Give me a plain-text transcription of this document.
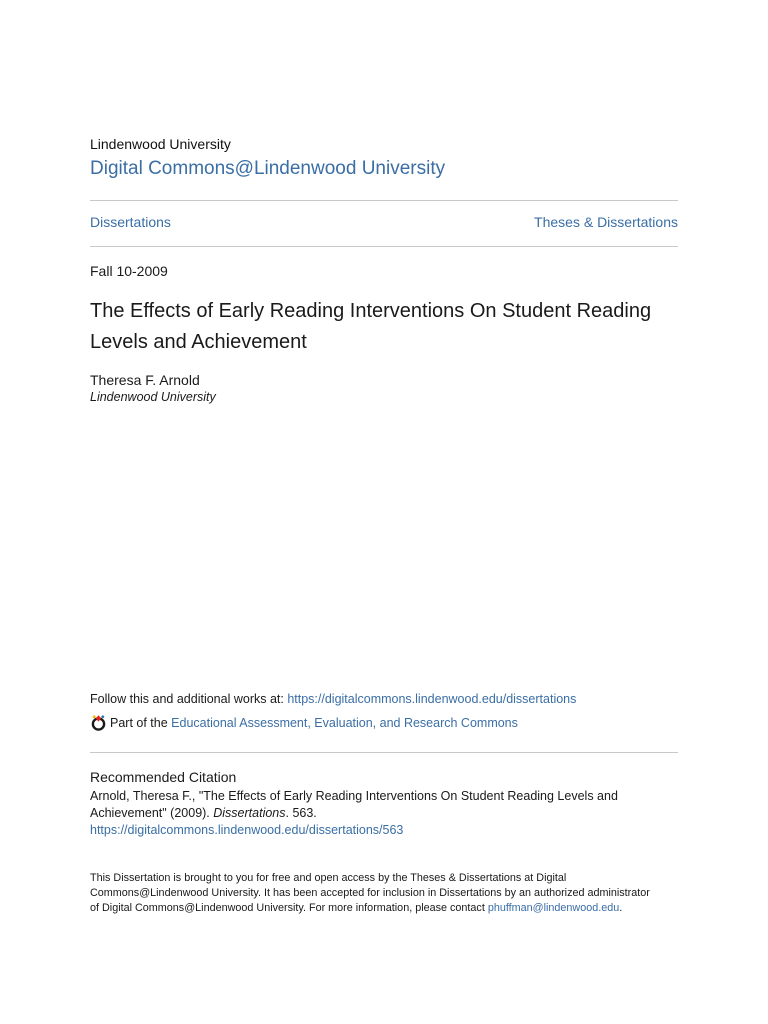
Lindenwood University
Digital Commons@Lindenwood University
Dissertations	Theses & Dissertations
Fall 10-2009
The Effects of Early Reading Interventions On Student Reading Levels and Achievement
Theresa F. Arnold
Lindenwood University
Follow this and additional works at: https://digitalcommons.lindenwood.edu/dissertations
Part of the
Educational Assessment, Evaluation, and Research Commons
Recommended Citation
Arnold, Theresa F., "The Effects of Early Reading Interventions On Student Reading Levels and Achievement" (2009). Dissertations. 563.
https://digitalcommons.lindenwood.edu/dissertations/563
This Dissertation is brought to you for free and open access by the Theses & Dissertations at Digital Commons@Lindenwood University. It has been accepted for inclusion in Dissertations by an authorized administrator of Digital Commons@Lindenwood University. For more information, please contact phuffman@lindenwood.edu.
